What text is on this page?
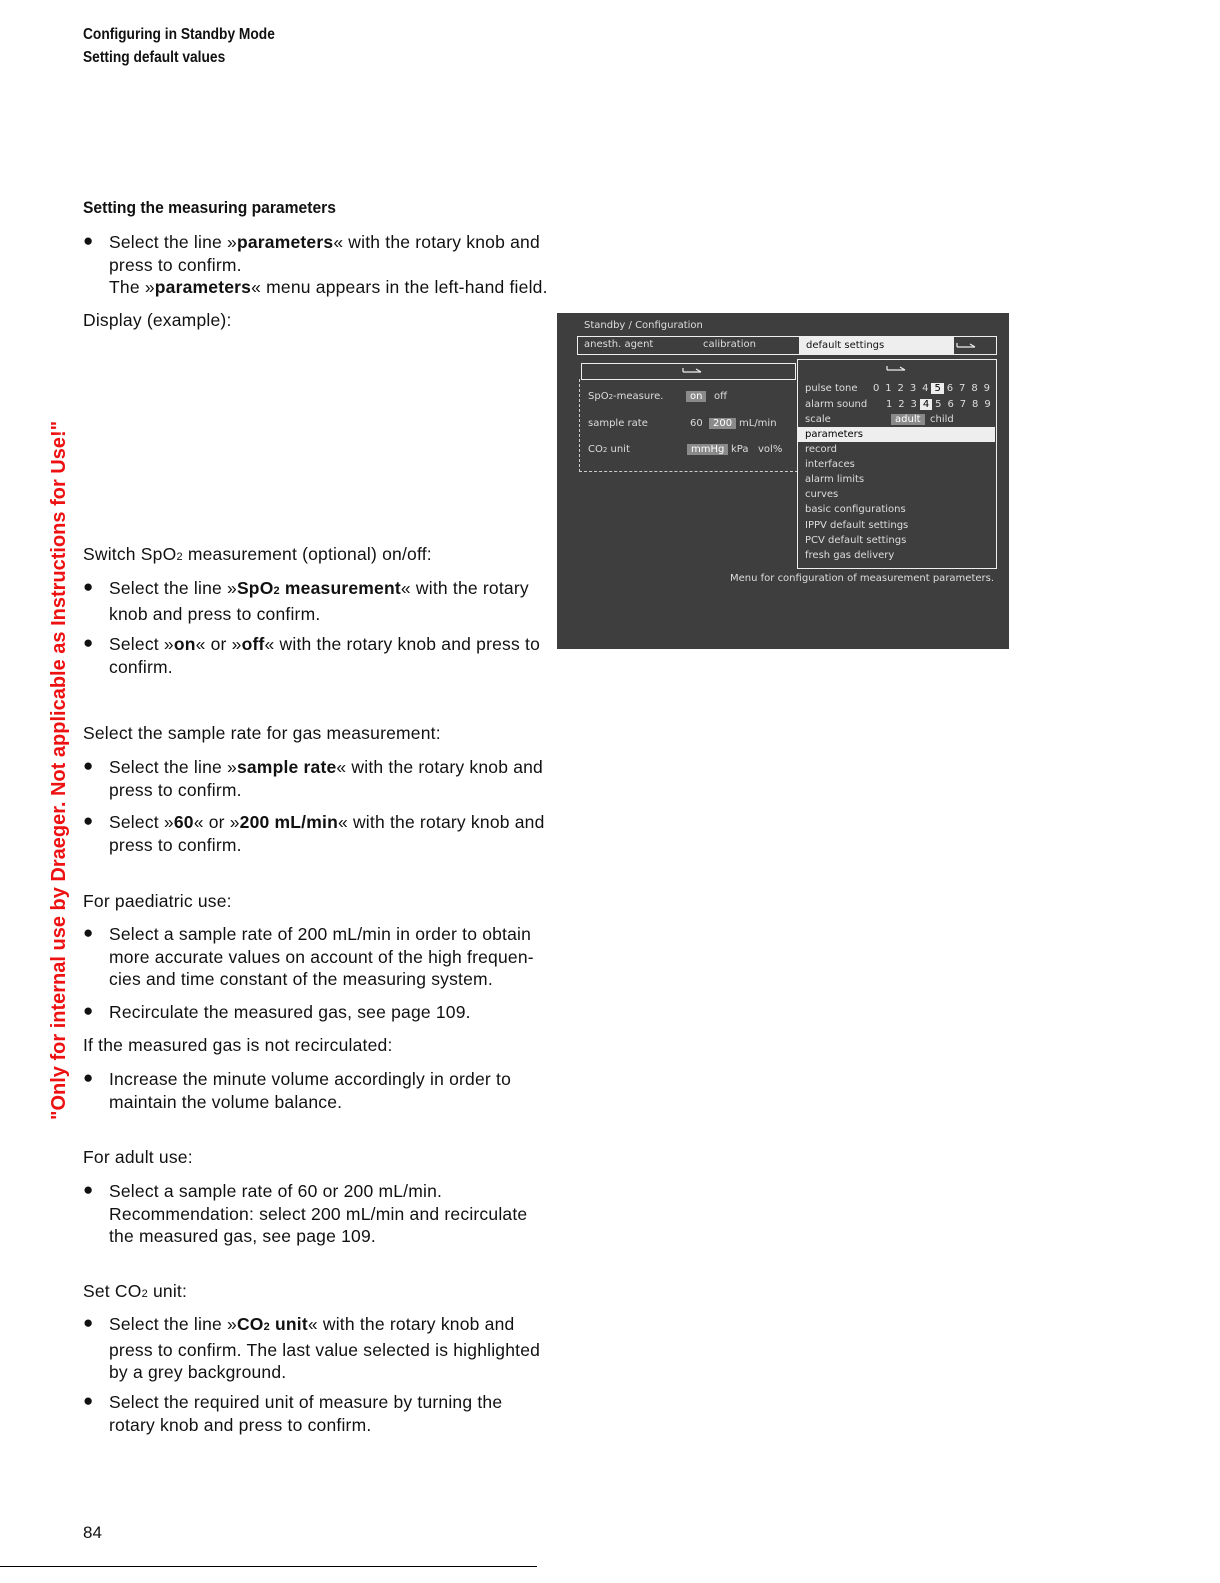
Configuring in Standby Mode
Setting default values
"Only for internal use by Draeger. Not applicable as Instructions for Use!"
Setting the measuring parameters
● Select the line »parameters« with the rotary knob and press to confirm.
The »parameters« menu appears in the left-hand field.
Display (example):
Switch SpO2 measurement (optional) on/off:
● Select the line »SpO2 measurement« with the rotary knob and press to confirm.
● Select »on« or »off« with the rotary knob and press to confirm.
Select the sample rate for gas measurement:
● Select the line »sample rate« with the rotary knob and press to confirm.
● Select »60« or »200 mL/min« with the rotary knob and press to confirm.
For paediatric use:
● Select a sample rate of 200 mL/min in order to obtain more accurate values on account of the high frequen-cies and time constant of the measuring system.
● Recirculate the measured gas, see page 109.
If the measured gas is not recirculated:
● Increase the minute volume accordingly in order to maintain the volume balance.
For adult use:
● Select a sample rate of 60 or 200 mL/min. Recommendation: select 200 mL/min and recirculate the measured gas, see page 109.
Set CO2 unit:
● Select the line »CO2 unit« with the rotary knob and press to confirm. The last value selected is highlighted by a grey background.
● Select the required unit of measure by turning the rotary knob and press to confirm.
84
Standby / Configuration
anesth. agent	calibration	default settings
SpO2-measure.	on	off
sample rate	60	200 mL/min
CO2 unit	mmHg kPa vol%
pulse tone 0 1 2 3 4 5 6 7 8 9
alarm sound 1 2 3 4 5 6 7 8 9
scale	adult child
parameters
record
interfaces
alarm limits
curves
basic configurations
IPPV default settings
PCV default settings
fresh gas delivery
Menu for configuration of measurement parameters.
